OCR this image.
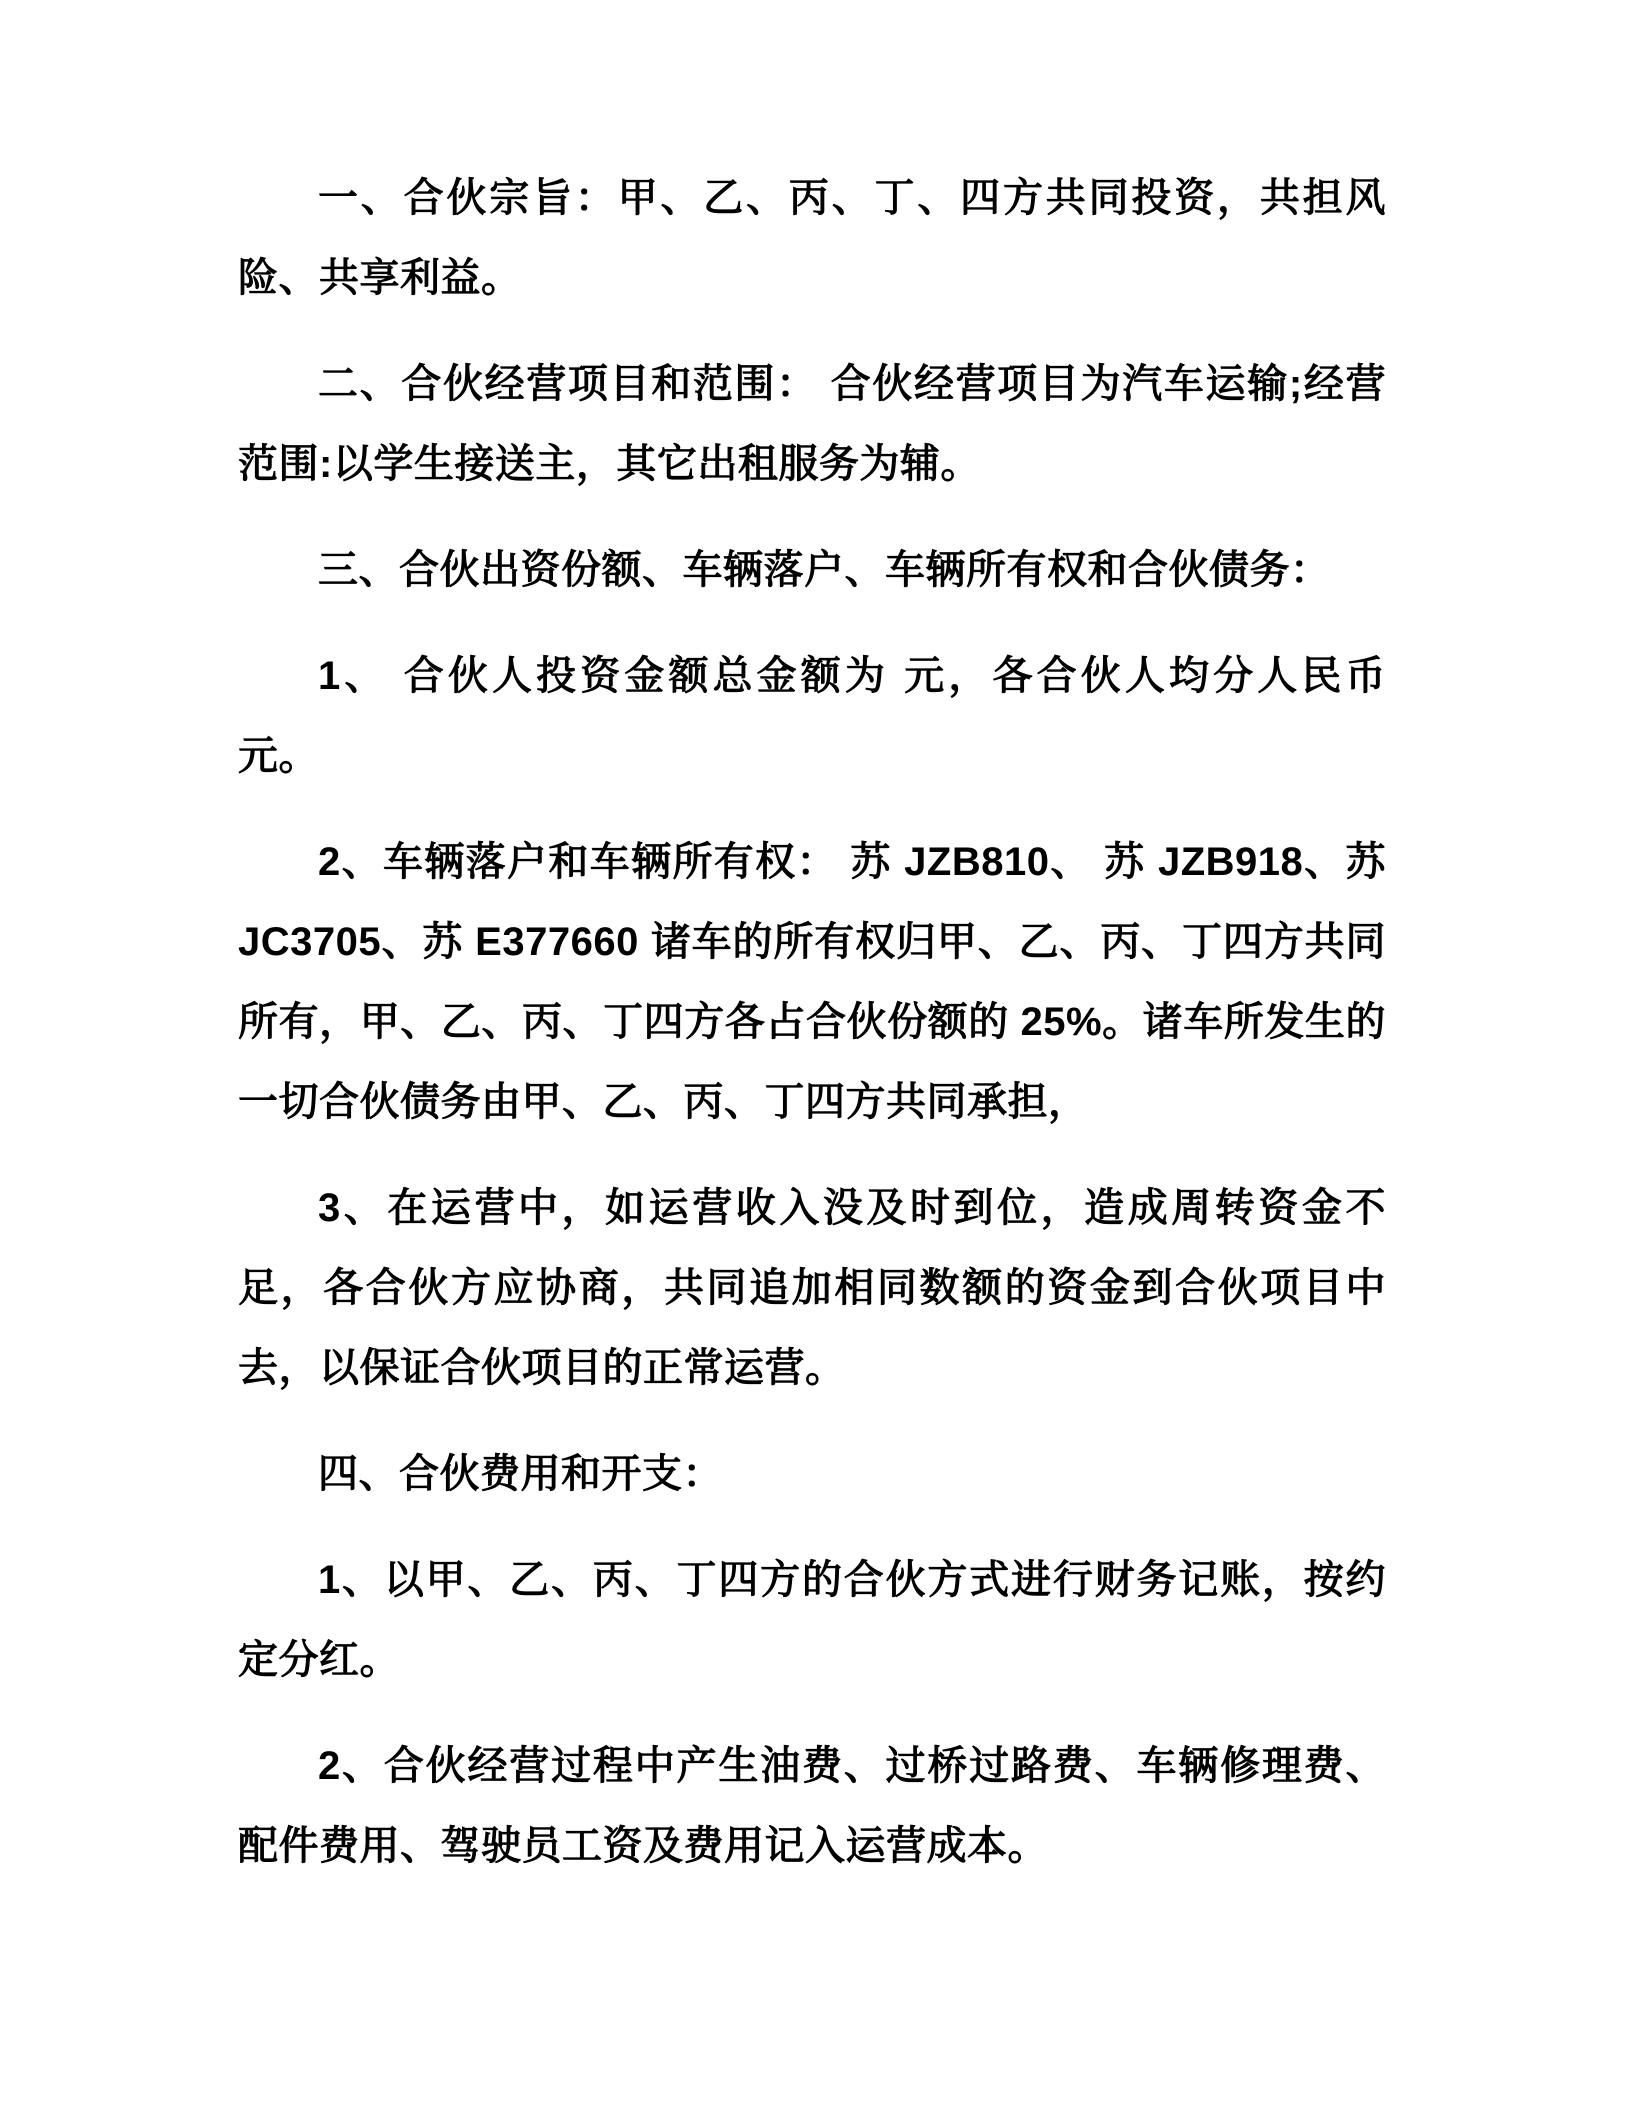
一、合伙宗旨：甲、乙、丙、丁、四方共同投资，共担风险、共享利益。

二、合伙经营项目和范围： 合伙经营项目为汽车运输;经营范围:以学生接送主，其它出租服务为辅。

三、合伙出资份额、车辆落户、车辆所有权和合伙债务：

1、 合伙人投资金额总金额为 元，各合伙人均分人民币 元。

2、车辆落户和车辆所有权： 苏 JZB810、 苏 JZB918、苏 JC3705、苏 E377660 诸车的所有权归甲、乙、丙、丁四方共同所有，甲、乙、丙、丁四方各占合伙份额的 25%。诸车所发生的一切合伙债务由甲、乙、丙、丁四方共同承担，

3、在运营中，如运营收入没及时到位，造成周转资金不足，各合伙方应协商，共同追加相同数额的资金到合伙项目中去，以保证合伙项目的正常运营。

四、合伙费用和开支：

1、以甲、乙、丙、丁四方的合伙方式进行财务记账，按约定分红。

2、合伙经营过程中产生油费、过桥过路费、车辆修理费、配件费用、驾驶员工资及费用记入运营成本。
